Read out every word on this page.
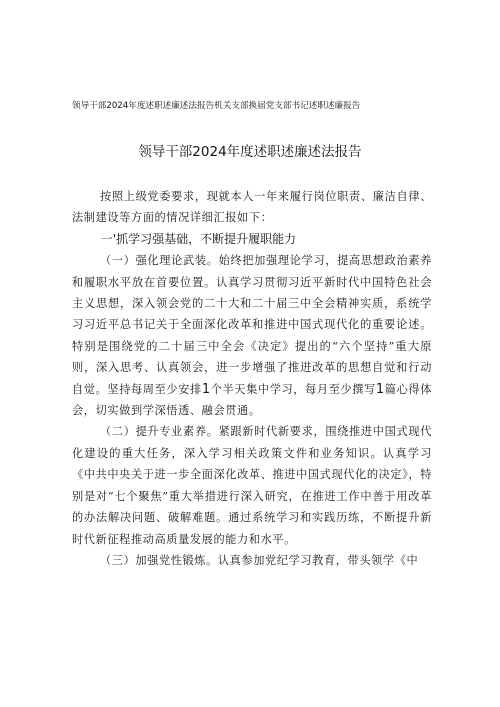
领导干部2024年度述职述廉述法报告机关支部换届党支部书记述职述廉报告
领导干部2024年度述职述廉述法报告

按照上级党委要求，现就本人一年来履行岗位职责、廉洁自律、法制建设等方面的情况详细汇报如下：

一'抓学习强基础，不断提升履职能力

（一）强化理论武装。始终把加强理论学习，提高思想政治素养和履职水平放在首要位置。认真学习贯彻习近平新时代中国特色社会主义思想，深入领会党的二十大和二十届三中全会精神实质，系统学习习近平总书记关于全面深化改革和推进中国式现代化的重要论述。特别是围绕党的二十届三中全会《决定》提出的“六个坚持”重大原则，深入思考、认真领会，进一步增强了推进改革的思想自觉和行动自觉。坚持每周至少安排1个半天集中学习，每月至少撰写1篇心得体会，切实做到学深悟透、融会贯通。

（二）提升专业素养。紧跟新时代新要求，围绕推进中国式现代化建设的重大任务，深入学习相关政策文件和业务知识。认真学习《中共中央关于进一步全面深化改革、推进中国式现代化的决定》，特别是对“七个聚焦”重大举措进行深入研究，在推进工作中善于用改革的办法解决问题、破解难题。通过系统学习和实践历练，不断提升新时代新征程推动高质量发展的能力和水平。

（三）加强党性锻炼。认真参加党纪学习教育，带头领学《中
